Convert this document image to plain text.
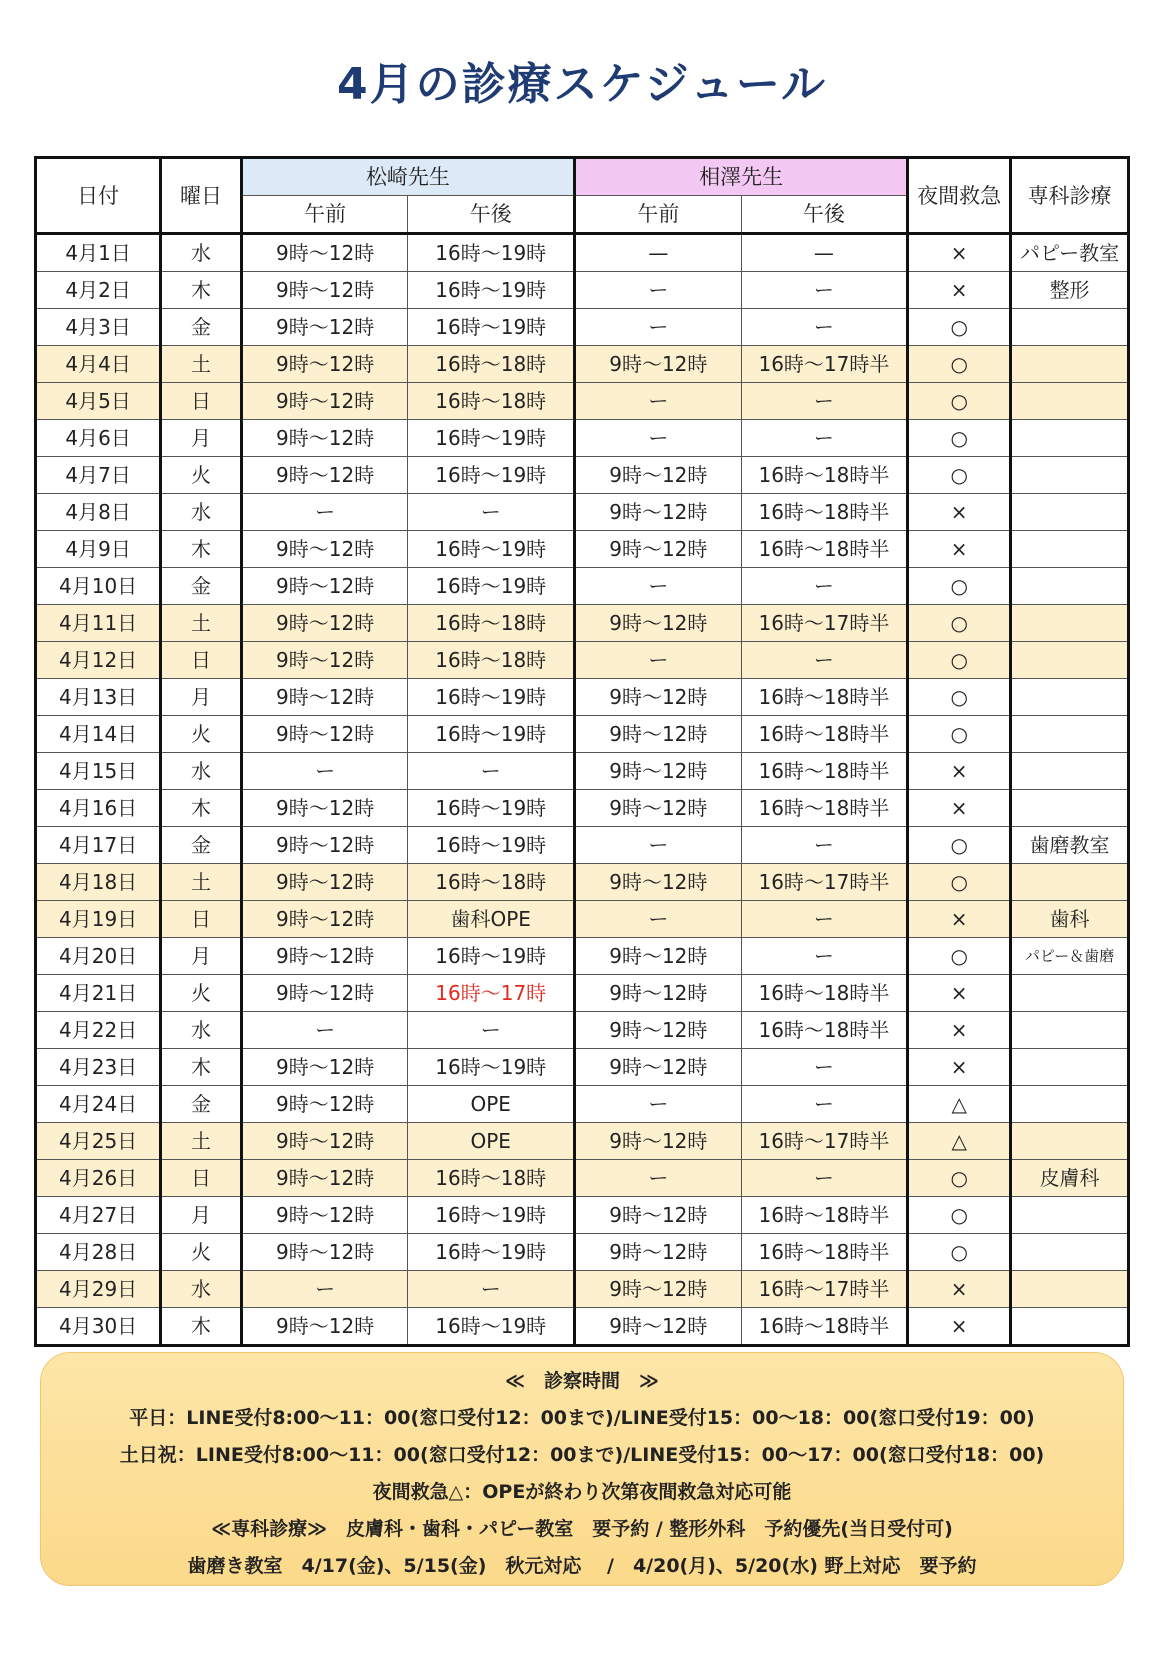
4月の診療スケジュール
日付	曜日	松崎先生		相澤先生		夜間救急	専科診療
		午前	午後	午前	午後		
4月1日	水	9時〜12時	16時〜19時	—	—	×	パピー教室
4月2日	木	9時〜12時	16時〜19時	ー	ー	×	整形
4月3日	金	9時〜12時	16時〜19時	ー	ー	○	
4月4日	土	9時〜12時	16時〜18時	9時〜12時	16時〜17時半	○	
4月5日	日	9時〜12時	16時〜18時	ー	ー	○	
4月6日	月	9時〜12時	16時〜19時	ー	ー	○	
4月7日	火	9時〜12時	16時〜19時	9時〜12時	16時〜18時半	○	
4月8日	水	ー	ー	9時〜12時	16時〜18時半	×	
4月9日	木	9時〜12時	16時〜19時	9時〜12時	16時〜18時半	×	
4月10日	金	9時〜12時	16時〜19時	ー	ー	○	
4月11日	土	9時〜12時	16時〜18時	9時〜12時	16時〜17時半	○	
4月12日	日	9時〜12時	16時〜18時	ー	ー	○	
4月13日	月	9時〜12時	16時〜19時	9時〜12時	16時〜18時半	○	
4月14日	火	9時〜12時	16時〜19時	9時〜12時	16時〜18時半	○	
4月15日	水	ー	ー	9時〜12時	16時〜18時半	×	
4月16日	木	9時〜12時	16時〜19時	9時〜12時	16時〜18時半	×	
4月17日	金	9時〜12時	16時〜19時	ー	ー	○	歯磨教室
4月18日	土	9時〜12時	16時〜18時	9時〜12時	16時〜17時半	○	
4月19日	日	9時〜12時	歯科OPE	ー	ー	×	歯科
4月20日	月	9時〜12時	16時〜19時	9時〜12時	ー	○	パピー＆歯磨
4月21日	火	9時〜12時	16時〜17時	9時〜12時	16時〜18時半	×	
4月22日	水	ー	ー	9時〜12時	16時〜18時半	×	
4月23日	木	9時〜12時	16時〜19時	9時〜12時	ー	×	
4月24日	金	9時〜12時	OPE	ー	ー	△	
4月25日	土	9時〜12時	OPE	9時〜12時	16時〜17時半	△	
4月26日	日	9時〜12時	16時〜18時	ー	ー	○	皮膚科
4月27日	月	9時〜12時	16時〜19時	9時〜12時	16時〜18時半	○	
4月28日	火	9時〜12時	16時〜19時	9時〜12時	16時〜18時半	○	
4月29日	水	ー	ー	9時〜12時	16時〜17時半	×	
4月30日	木	9時〜12時	16時〜19時	9時〜12時	16時〜18時半	×	
≪　診察時間　≫
平日：LINE受付8:00〜11：00(窓口受付12：00まで)/LINE受付15：00〜18：00(窓口受付19：00)
土日祝：LINE受付8:00〜11：00(窓口受付12：00まで)/LINE受付15：00〜17：00(窓口受付18：00)
夜間救急△：OPEが終わり次第夜間救急対応可能
≪専科診療≫　皮膚科・歯科・パピー教室　要予約 / 整形外科　予約優先(当日受付可)
歯磨き教室　4/17(金)、5/15(金)　秋元対応　 /　4/20(月)、5/20(水) 野上対応　要予約
